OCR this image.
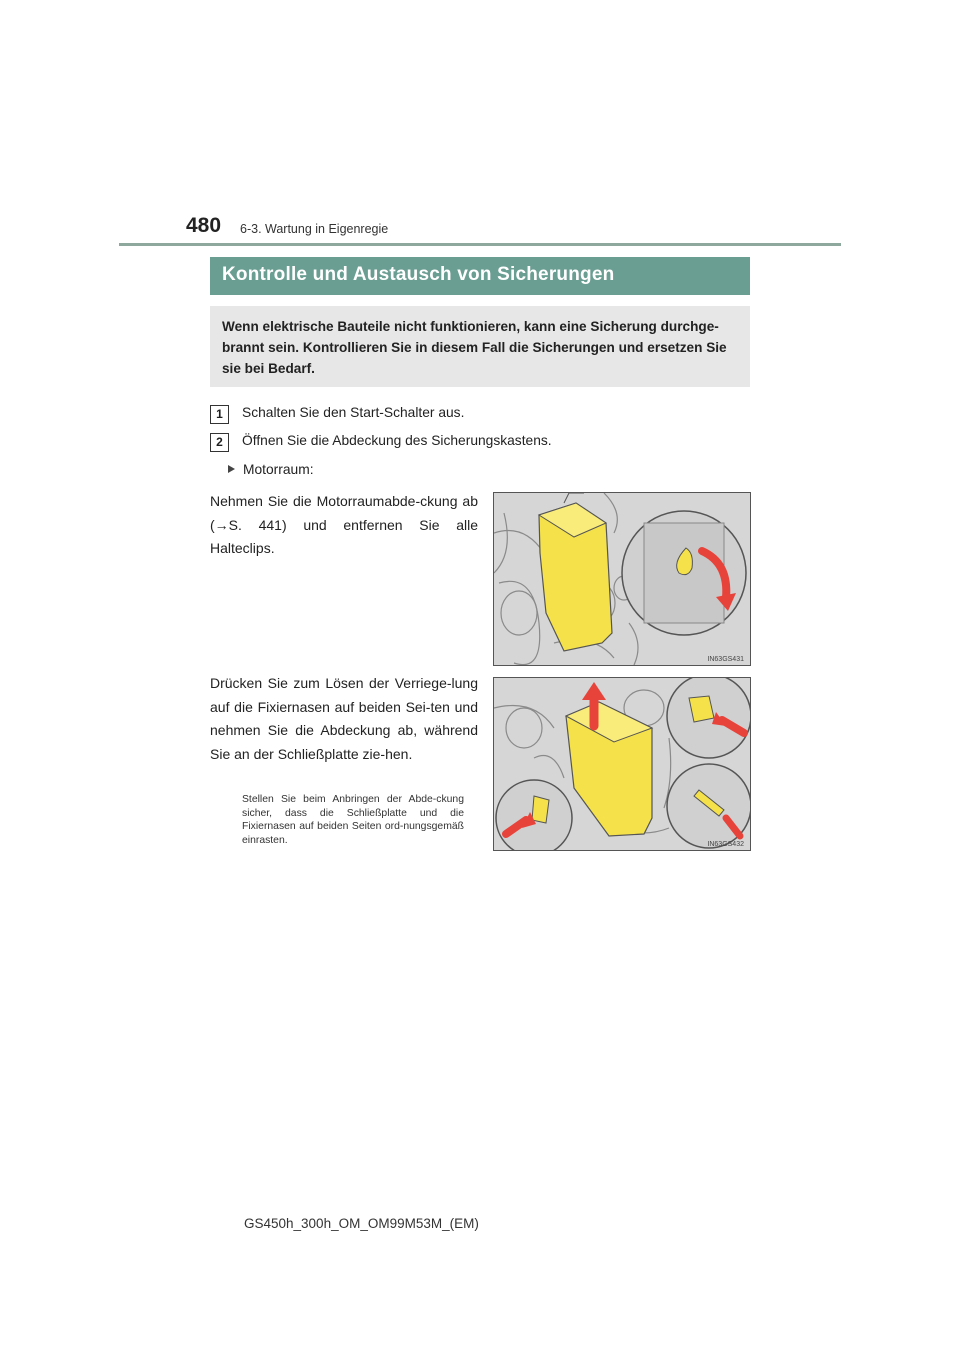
480 6-3. Wartung in Eigenregie
Kontrolle und Austausch von Sicherungen

Wenn elektrische Bauteile nicht funktionieren, kann eine Sicherung durchge-brannt sein. Kontrollieren Sie in diesem Fall die Sicherungen und ersetzen Sie sie bei Bedarf.

1	Schalten Sie den Start-Schalter aus.
2	Öffnen Sie die Abdeckung des Sicherungskastens.
Motorraum:
Nehmen Sie die Motorraumabde-ckung ab (→S. 441) und entfernen Sie alle Halteclips.
IN63GS431
Drücken Sie zum Lösen der Verriege-lung auf die Fixiernasen auf beiden Sei-ten und nehmen Sie die Abdeckung ab, während Sie an der Schließplatte zie-hen.
Stellen Sie beim Anbringen der Abde-ckung sicher, dass die Schließplatte und die Fixiernasen auf beiden Seiten ord-nungsgemäß einrasten.	IN63GS432
GS450h_300h_OM_OM99M53M_(EM)
